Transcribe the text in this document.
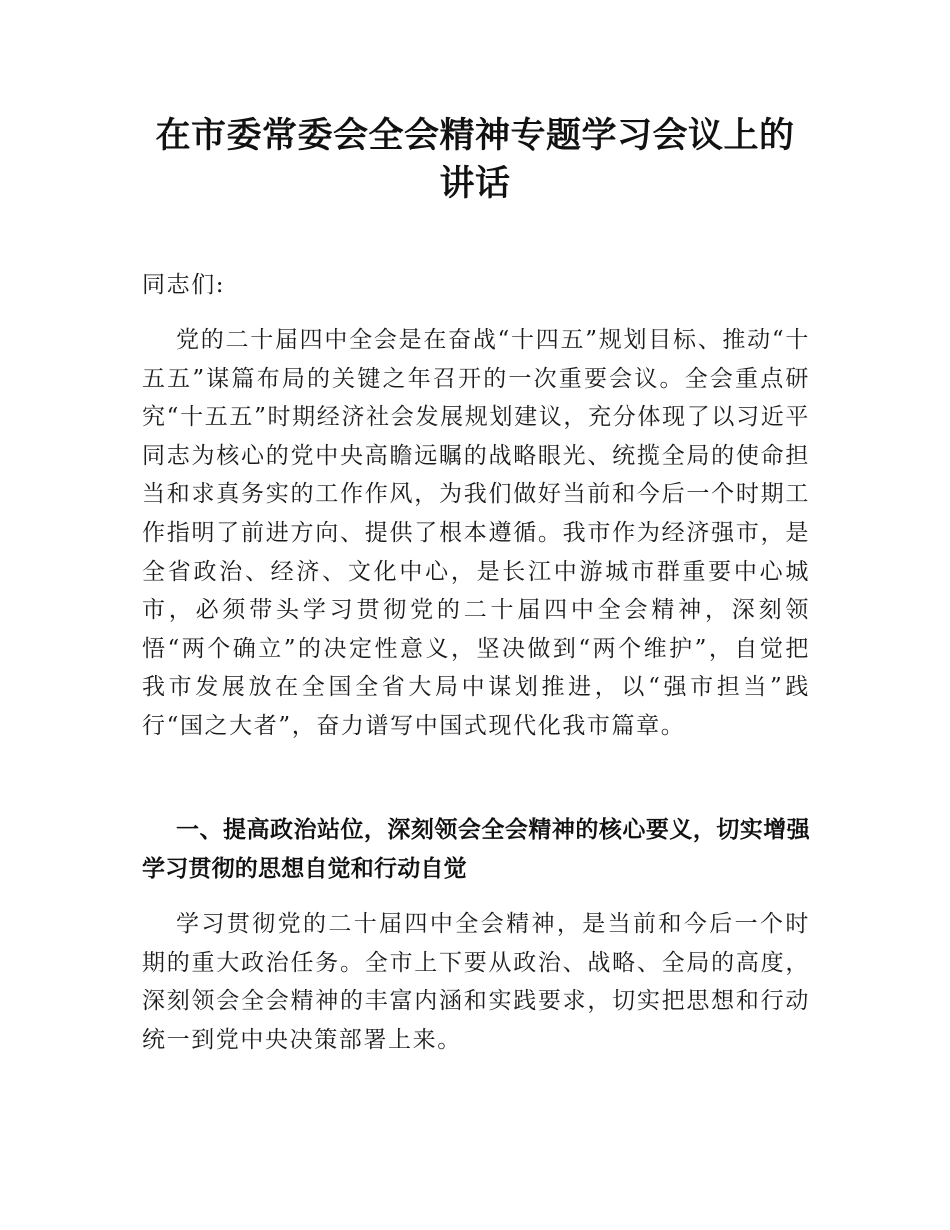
在市委常委会全会精神专题学习会议上的讲话

同志们:

党的二十届四中全会是在奋战“十四五”规划目标、推动“十五五”谋篇布局的关键之年召开的一次重要会议。全会重点研究“十五五”时期经济社会发展规划建议，充分体现了以习近平同志为核心的党中央高瞻远瞩的战略眼光、统揽全局的使命担当和求真务实的工作作风，为我们做好当前和今后一个时期工作指明了前进方向、提供了根本遵循。我市作为经济强市，是全省政治、经济、文化中心，是长江中游城市群重要中心城市，必须带头学习贯彻党的二十届四中全会精神，深刻领悟“两个确立”的决定性意义，坚决做到“两个维护”，自觉把我市发展放在全国全省大局中谋划推进，以“强市担当”践行“国之大者”，奋力谱写中国式现代化我市篇章。

一、提高政治站位，深刻领会全会精神的核心要义，切实增强学习贯彻的思想自觉和行动自觉

学习贯彻党的二十届四中全会精神，是当前和今后一个时期的重大政治任务。全市上下要从政治、战略、全局的高度，深刻领会全会精神的丰富内涵和实践要求，切实把思想和行动统一到党中央决策部署上来。
